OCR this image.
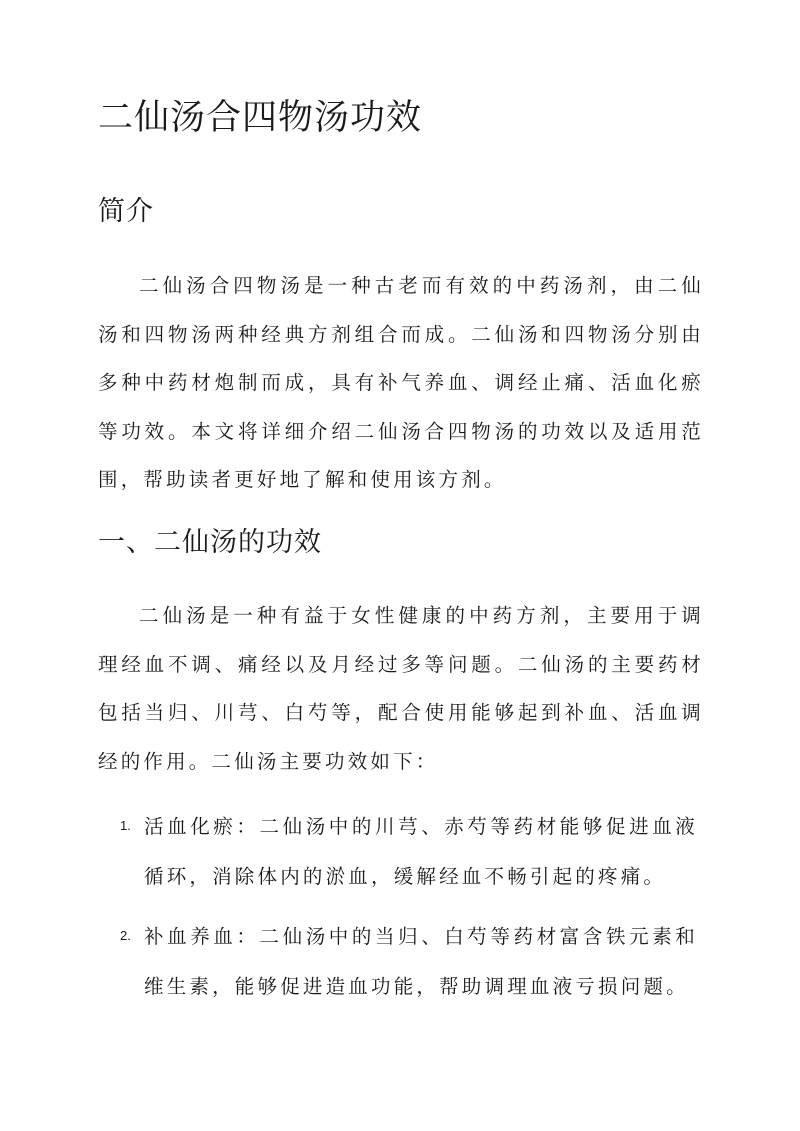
二仙汤合四物汤功效
简介

二仙汤合四物汤是一种古老而有效的中药汤剂，由二仙汤和四物汤两种经典方剂组合而成。二仙汤和四物汤分别由多种中药材炮制而成，具有补气养血、调经止痛、活血化瘀等功效。本文将详细介绍二仙汤合四物汤的功效以及适用范围，帮助读者更好地了解和使用该方剂。

一、二仙汤的功效

二仙汤是一种有益于女性健康的中药方剂，主要用于调理经血不调、痛经以及月经过多等问题。二仙汤的主要药材包括当归、川芎、白芍等，配合使用能够起到补血、活血调经的作用。二仙汤主要功效如下：

1. 活血化瘀：二仙汤中的川芎、赤芍等药材能够促进血液循环，消除体内的淤血，缓解经血不畅引起的疼痛。
2. 补血养血：二仙汤中的当归、白芍等药材富含铁元素和维生素，能够促进造血功能，帮助调理血液亏损问题。
